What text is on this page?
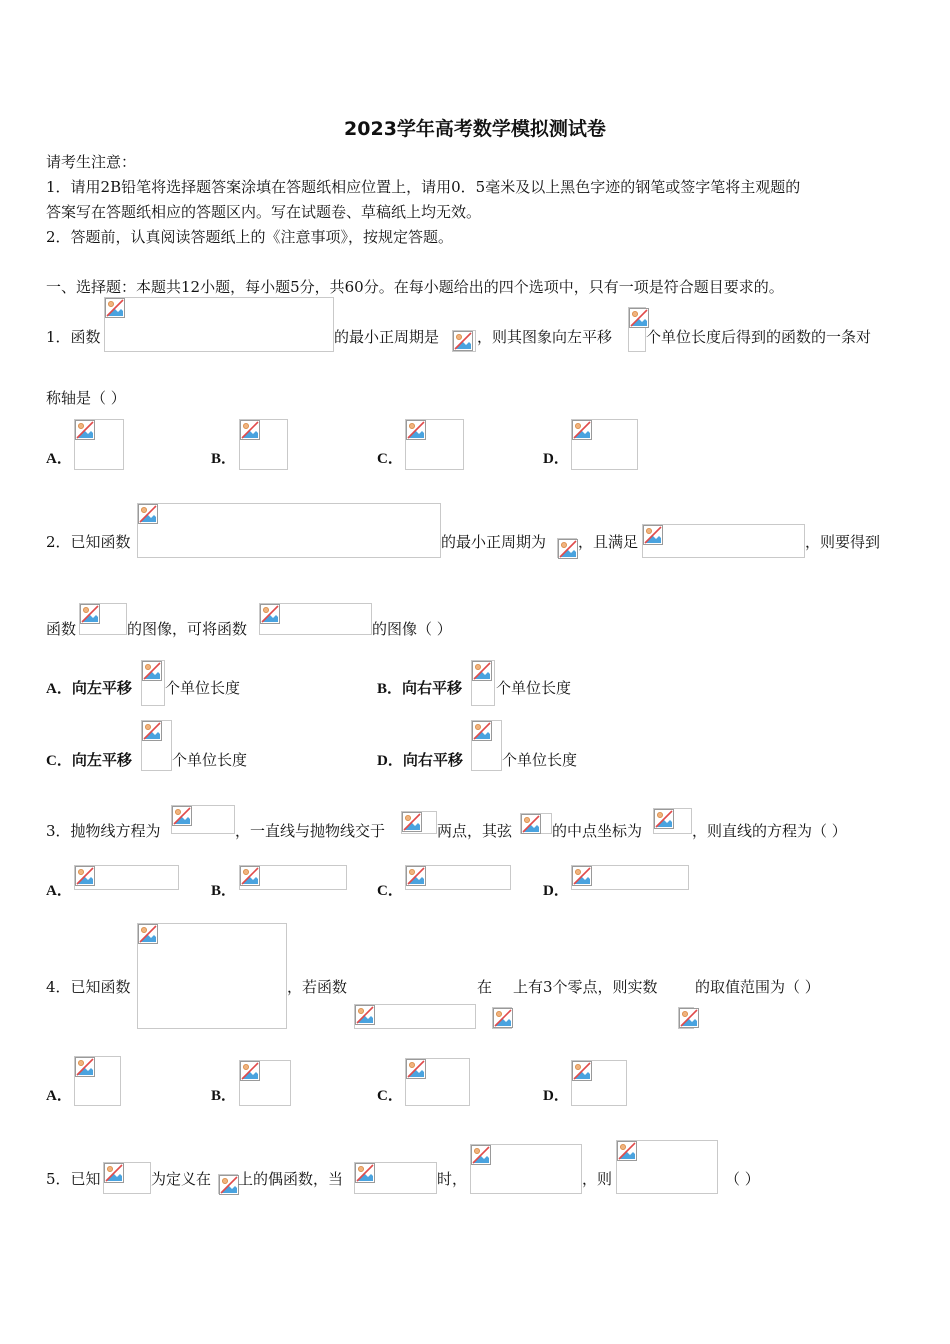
2023学年高考数学模拟测试卷
请考生注意：
1．请用2B铅笔将选择题答案涂填在答题纸相应位置上，请用0．5毫米及以上黑色字迹的钢笔或签字笔将主观题的
答案写在答题纸相应的答题区内。写在试题卷、草稿纸上均无效。
2．答题前，认真阅读答题纸上的《注意事项》，按规定答题。
一、选择题：本题共12小题，每小题5分，共60分。在每小题给出的四个选项中，只有一项是符合题目要求的。
1．函数	的最小正周期是	，则其图象向左平移 个单位长度后得到的函数的一条对
称轴是（ ）
A．	B．	C．	D．
2．已知函数	的最小正周期为 ，且满足	，则要得到
函数	的图像，可将函数	的图像（ ）
A．向左平移 个单位长度	B．向右平移 个单位长度
C．向左平移	个单位长度	D．向右平移	个单位长度
3．抛物线方程为	，一直线与抛物线交于	两点，其弦	的中点坐标为	，则直线的方程为（ ）
A．	B．	C．	D．
4．已知函数	，若函数	在 上有3个零点，则实数 的取值范围为（ ）
A．	B．	C．	D．
5．已知	为定义在 上的偶函数，当	时，	，则	（ ）
